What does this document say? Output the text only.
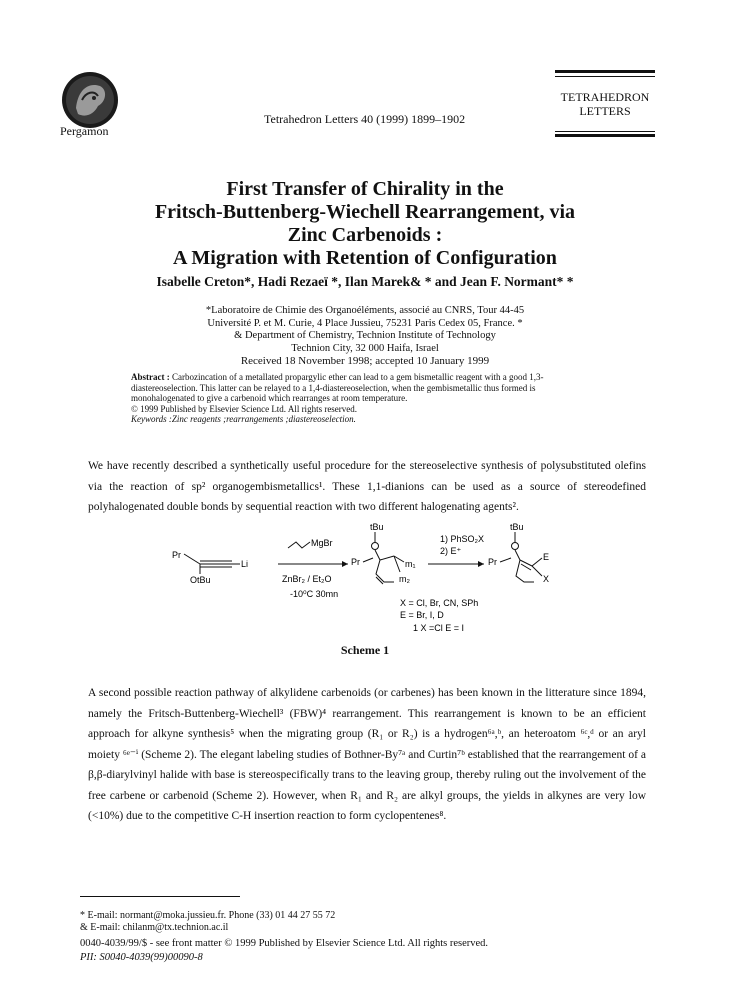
Pergamon
Tetrahedron Letters 40 (1999) 1899–1902
TETRAHEDRON
LETTERS
First Transfer of Chirality in the
Fritsch-Buttenberg-Wiechell Rearrangement, via
Zinc Carbenoids :
A Migration with Retention of Configuration
Isabelle Creton*, Hadi Rezaeï *, Ilan Marek& * and Jean F. Normant* *
*Laboratoire de Chimie des Organoéléments, associé au CNRS, Tour 44-45
Université P. et M. Curie, 4 Place Jussieu, 75231 Paris Cedex 05, France. *
& Department of Chemistry, Technion Institute of Technology
Technion City, 32 000 Haifa, Israel
Received 18 November 1998; accepted 10 January 1999
Abstract : Carbozincation of a metallated propargylic ether can lead to a gem bismetallic reagent with a good 1,3-diastereoselection. This latter can be relayed to a 1,4-diastereoselection, when the gembismetallic thus formed is monohalogenated to give a carbenoid which rearranges at room temperature.
© 1999 Published by Elsevier Science Ltd. All rights reserved.
Keywords :Zinc reagents ;rearrangements ;diastereoselection.
We have recently described a synthetically useful procedure for the stereoselective synthesis of polysubstituted olefins via the reaction of sp² organogembismetallics¹. These 1,1-dianions can be used as a source of stereodefined polyhalogenated double bonds by sequential reaction with two different halogenating agents².
Pr
Li
OtBu
MgBr
ZnBr₂ / Et₂O
-10⁰C 30mn
tBu
Pr	m₁
m₂
1) PhSO₂X
2) E⁺
tBu
Pr	E
X
X = Cl, Br, CN, SPh
E = Br, I, D
1 X =Cl E = I
Scheme 1
A second possible reaction pathway of alkylidene carbenoids (or carbenes) has been known in the litterature since 1894, namely the Fritsch-Buttenberg-Wiechell³ (FBW)⁴ rearrangement. This rearrangement is known to be an efficient approach for alkyne synthesis⁵ when the migrating group (R₁ or R₂) is a hydrogen⁶ᵃ,ᵇ, an heteroatom ⁶ᶜ,ᵈ or an aryl moiety ⁶ᵉ⁻ⁱ (Scheme 2). The elegant labeling studies of Bothner-By⁷ᵃ and Curtin⁷ᵇ established that the rearrangement of a β,β-diarylvinyl halide with base is stereospecifically trans to the leaving group, thereby ruling out the involvement of the free carbene or carbenoid (Scheme 2). However, when R₁ and R₂ are alkyl groups, the yields in alkynes are very low (<10%) due to the competitive C-H insertion reaction to form cyclopentenes⁸.
* E-mail: normant@moka.jussieu.fr. Phone (33) 01 44 27 55 72
& E-mail: chilanm@tx.technion.ac.il
0040-4039/99/$ - see front matter © 1999 Published by Elsevier Science Ltd. All rights reserved.
PII: S0040-4039(99)00090-8
